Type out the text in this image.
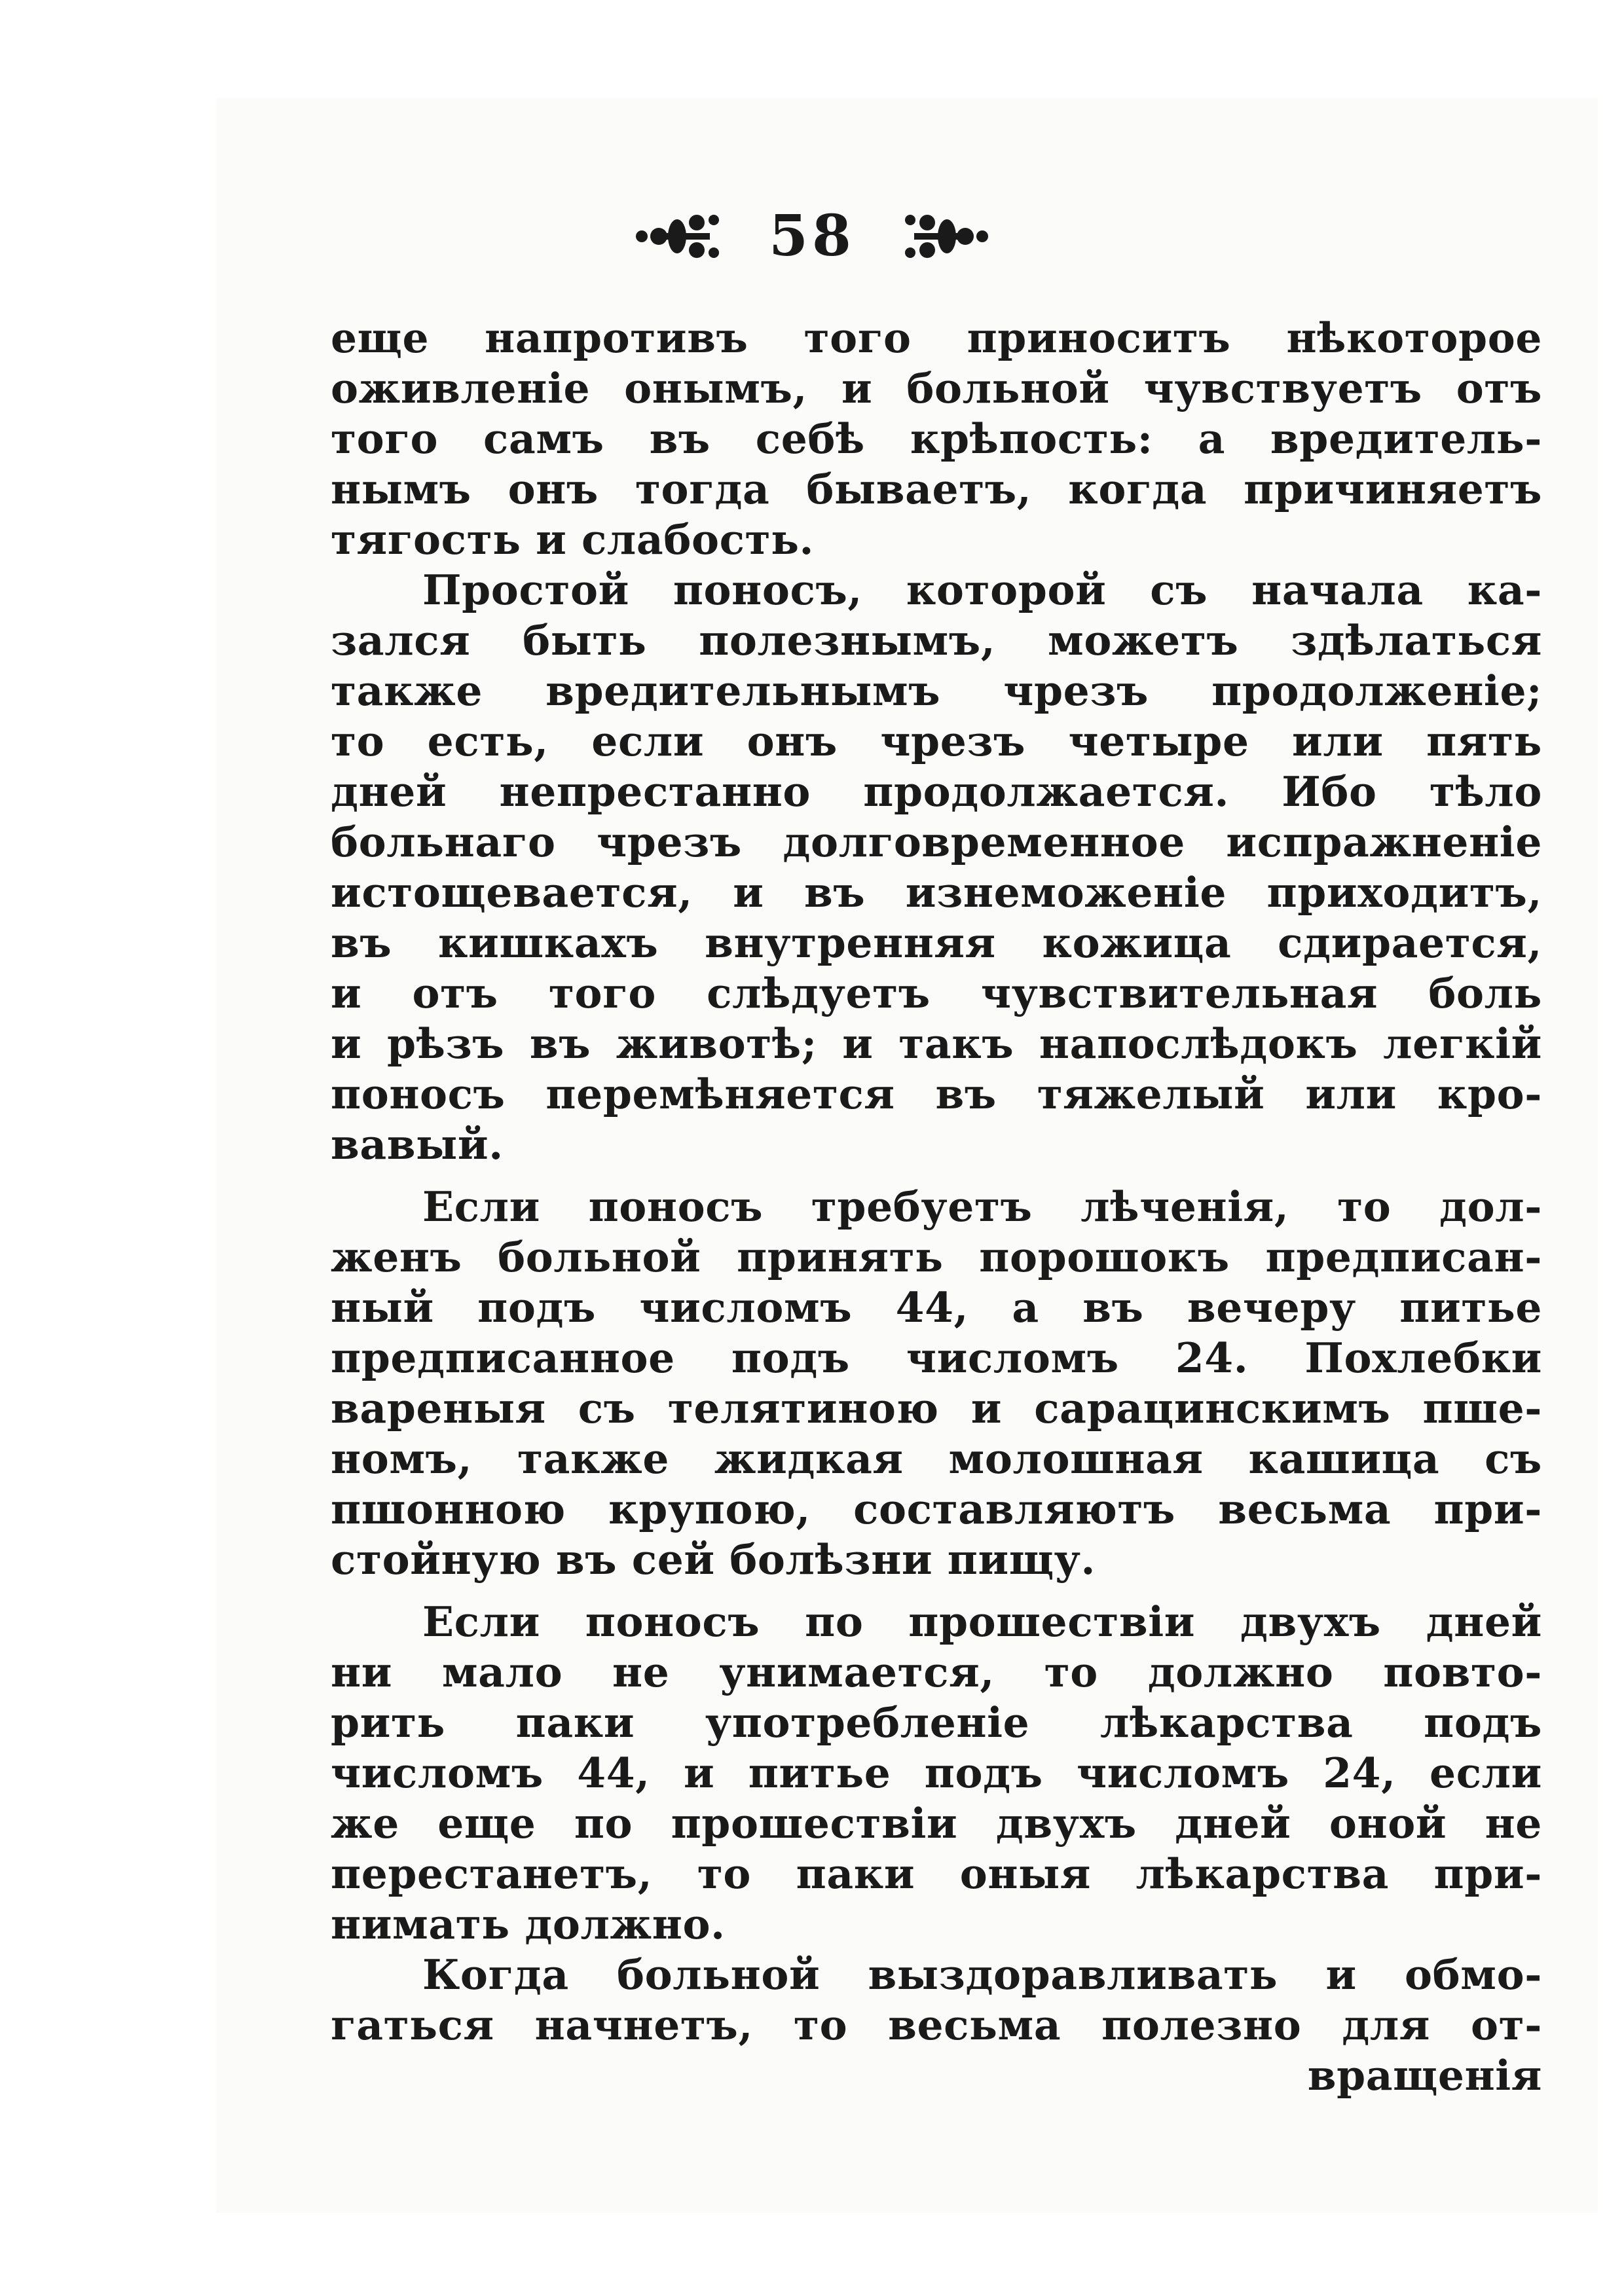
58
еще напротивъ того приноситъ нѣкоторое
оживленіе онымъ, и больной чувствуетъ отъ
того самъ въ себѣ крѣпость: а вредитель-
нымъ онъ тогда бываетъ, когда причиняетъ
тягость и слабость.
Простой поносъ, которой съ начала ка-
зался быть полезнымъ, можетъ здѣлаться
также вредительнымъ чрезъ продолженіе;
то есть, если онъ чрезъ четыре или пять
дней непрестанно продолжается. Ибо тѣло
больнаго чрезъ долговременное испражненіе
истощевается, и въ изнеможеніе приходитъ,
въ кишкахъ внутренняя кожица сдирается,
и отъ того слѣдуетъ чувствительная боль
и рѣзъ въ животѣ; и такъ напослѣдокъ легкій
поносъ перемѣняется въ тяжелый или кро-
вавый.
Если поносъ требуетъ лѣченія, то дол-
женъ больной принять порошокъ предписан-
ный подъ числомъ 44, а въ вечеру питье
предписанное подъ числомъ 24. Похлебки
вареныя съ телятиною и сарацинскимъ пше-
номъ, также жидкая молошная кашица съ
пшонною крупою, составляютъ весьма при-
стойную въ сей болѣзни пищу.
Если поносъ по прошествіи двухъ дней
ни мало не унимается, то должно повто-
рить паки употребленіе лѣкарства подъ
числомъ 44, и питье подъ числомъ 24, если
же еще по прошествіи двухъ дней оной не
перестанетъ, то паки оныя лѣкарства при-
нимать должно.
Когда больной выздоравливать и обмо-
гаться начнетъ, то весьма полезно для от-
вращенія
